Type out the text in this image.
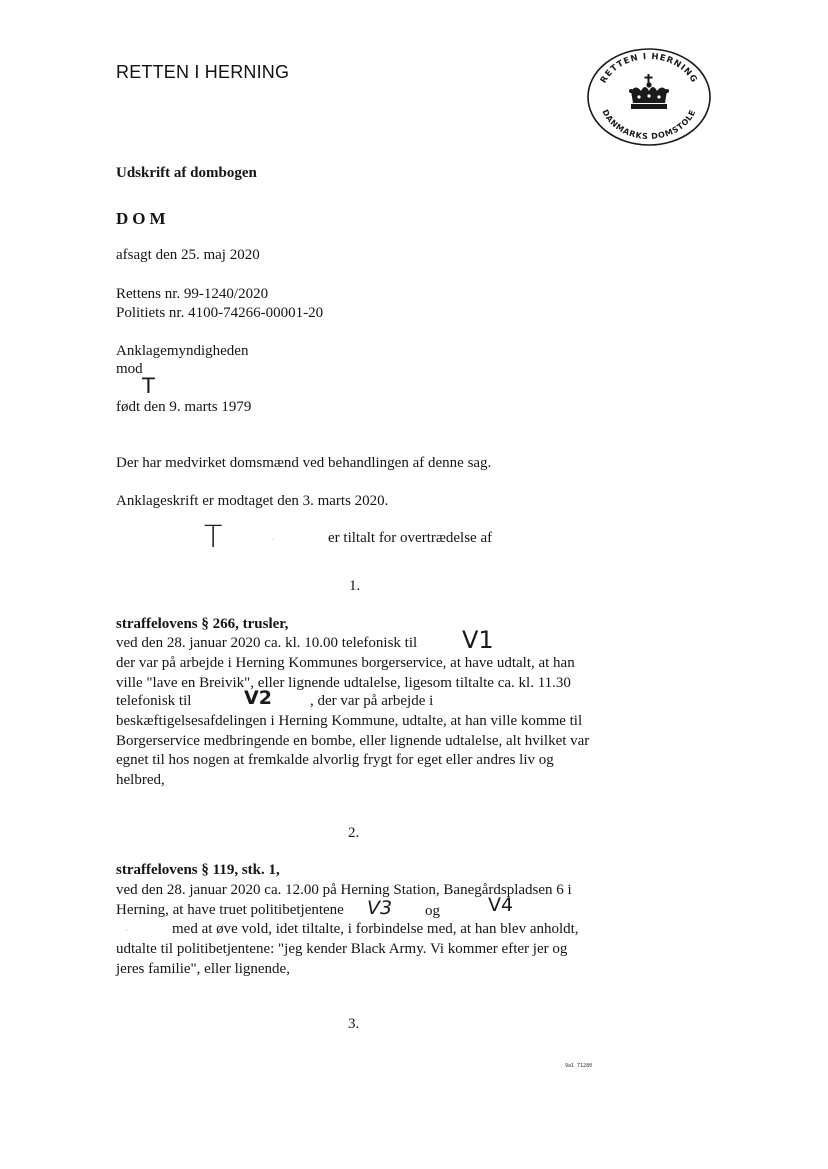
RETTEN I HERNING	RETTEN I HERNING
DANMARKS DOMSTOLE
Udskrift af dombogen
DOM
afsagt den 25. maj 2020
Rettens nr. 99-1240/2020
Politiets nr. 4100-74266-00001-20
Anklagemyndigheden
mod
T
født den 9. marts 1979
Der har medvirket domsmænd ved behandlingen af denne sag.
Anklageskrift er modtaget den 3. marts 2020.
T	·	er tiltalt for overtrædelse af
1.
straffelovens § 266, trusler,
ved den 28. januar 2020 ca. kl. 10.00 telefonisk til V1
der var på arbejde i Herning Kommunes borgerservice, at have udtalt, at han ville "lave en Breivik", eller lignende udtalelse, ligesom tiltalte ca. kl. 11.30
telefonisk til	V2	, der var på arbejde i
beskæftigelsesafdelingen i Herning Kommune, udtalte, at han ville komme til Borgerservice medbringende en bombe, eller lignende udtalelse, alt hvilket var egnet til hos nogen at fremkalde alvorlig frygt for eget eller andres liv og helbred,
2.
straffelovens § 119, stk. 1,
ved den 28. januar 2020 ca. 12.00 på Herning Station, Banegårdspladsen 6 i
Herning, at have truet politibetjentene V3 og	V4
.	med at øve vold, idet tiltalte, i forbindelse med, at han blev anholdt,
udtalte til politibetjentene: "jeg kender Black Army. Vi kommer efter jer og jeres familie", eller lignende,
3.
9a1 71280
